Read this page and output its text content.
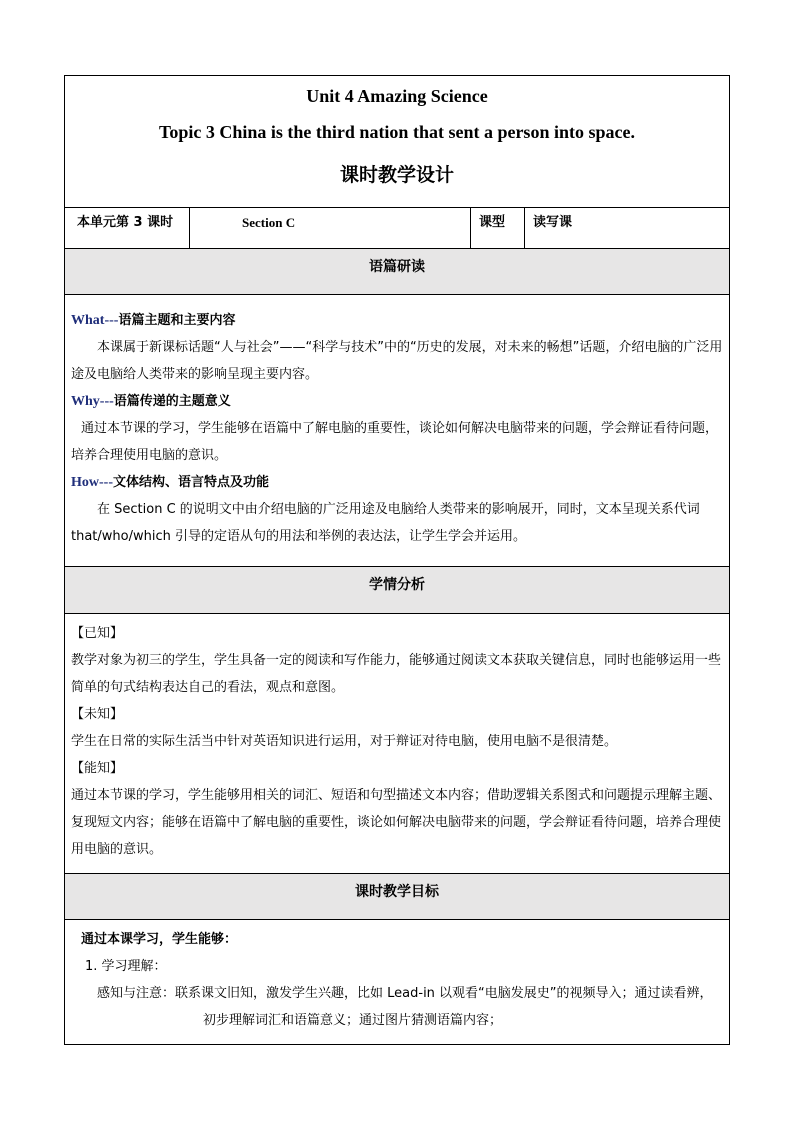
Unit 4 Amazing Science
Topic 3 China is the third nation that sent a person into space.
课时教学设计
本单元第 3 课时	Section C	课型	读写课
语篇研读

What---语篇主题和主要内容

本课属于新课标话题“人与社会”——“科学与技术”中的“历史的发展，对未来的畅想”话题，介绍电脑的广泛用途及电脑给人类带来的影响呈现主要内容。

Why---语篇传递的主题意义

通过本节课的学习，学生能够在语篇中了解电脑的重要性，谈论如何解决电脑带来的问题，学会辩证看待问题，培养合理使用电脑的意识。

How---文体结构、语言特点及功能

在 Section C 的说明文中由介绍电脑的广泛用途及电脑给人类带来的影响展开，同时，文本呈现关系代词 that/who/which 引导的定语从句的用法和举例的表达法，让学生学会并运用。

学情分析

【已知】

教学对象为初三的学生，学生具备一定的阅读和写作能力，能够通过阅读文本获取关键信息，同时也能够运用一些简单的句式结构表达自己的看法，观点和意图。

【未知】

学生在日常的实际生活当中针对英语知识进行运用，对于辩证对待电脑，使用电脑不是很清楚。

【能知】

通过本节课的学习，学生能够用相关的词汇、短语和句型描述文本内容；借助逻辑关系图式和问题提示理解主题、复现短文内容；能够在语篇中了解电脑的重要性，谈论如何解决电脑带来的问题，学会辩证看待问题，培养合理使用电脑的意识。

课时教学目标

通过本课学习，学生能够：

1. 学习理解：

感知与注意：联系课文旧知，激发学生兴趣，比如 Lead-in 以观看“电脑发展史”的视频导入；通过读看辨，初步理解词汇和语篇意义；通过图片猜测语篇内容；
